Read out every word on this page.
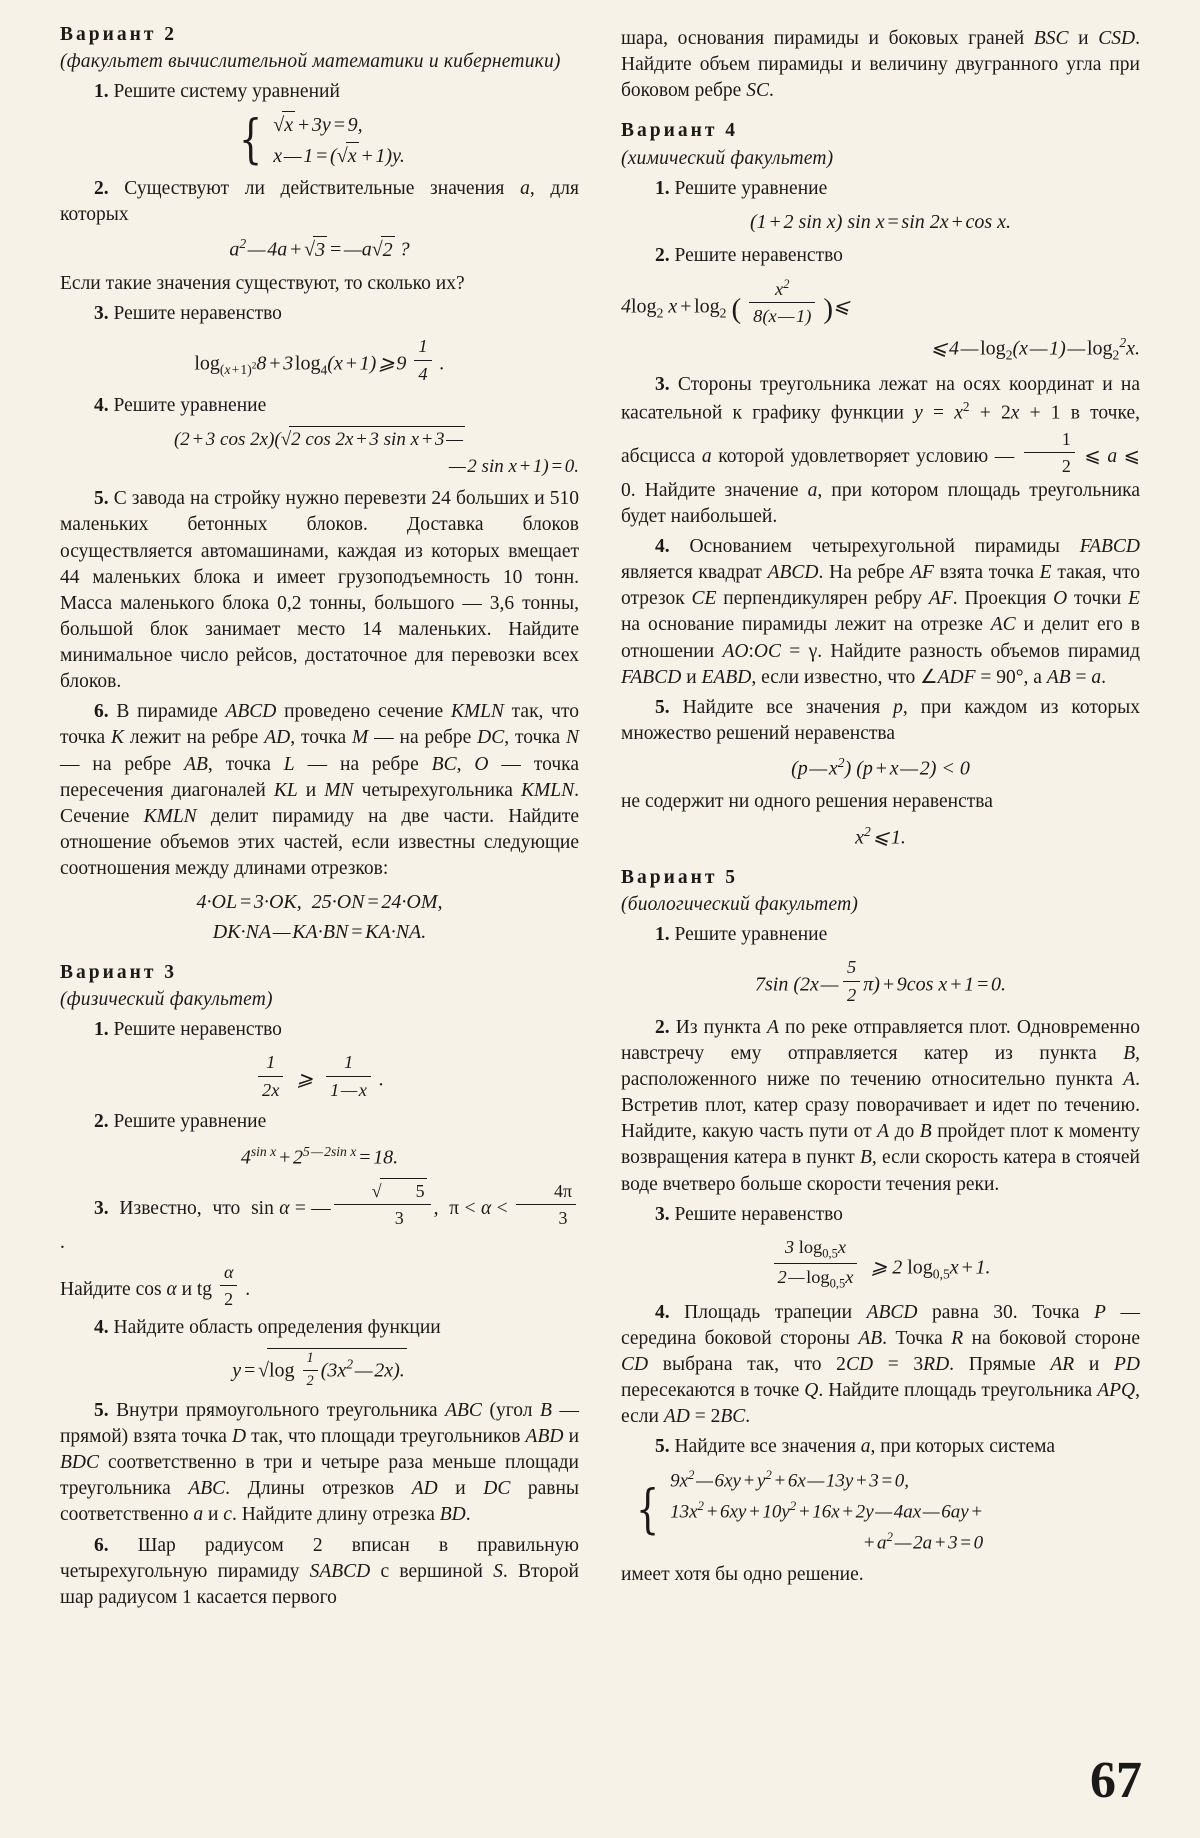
Вариант 2
(факультет вычислительной математики и кибернетики)
1. Решите систему уравнений
{ √x + 3y = 9,
x — 1 = (√x + 1)y.
2. Существуют ли действительные значения a, для которых
$a^2$ — 4a + √3 = —a√2 ?
Если такие значения существуют, то сколько их?
3. Решите неравенство
$\log_{(x + 1)^2}8$ + 3 $\log_4(x$ + 1) ⩾ $9 \frac{1}{4}$ .
4. Решите уравнение
(2 + 3 cos 2x)(√2 cos 2x + 3 sin x + 3 —
— 2 sin x + 1) = 0.
5. С завода на стройку нужно перевезти 24 больших и 510 маленьких бетонных блоков. Доставка блоков осуществляется автомашинами, каждая из которых вмещает 44 маленьких блока и имеет грузоподъемность 10 тонн. Масса маленького блока 0,2 тонны, большого — 3,6 тонны, большой блок занимает место 14 маленьких. Найдите минимальное число рейсов, достаточное для перевозки всех блоков.
6. В пирамиде ABCD проведено сечение KMLN так, что точка K лежит на ребре AD, точка M — на ребре DC, точка N — на ребре AB, точка L — на ребре BC, O — точка пересечения диагоналей KL и MN четырехугольника KMLN. Сечение KMLN делит пирамиду на две части. Найдите отношение объемов этих частей, если известны следующие соотношения между длинами отрезков:
4·OL = 3·OK,  25·ON = 24·OM,
DK·NA — KA·BN = KA·NA.
Вариант 3
(физический факультет)
1. Решите неравенство
$\frac{1}{2x}$ ⩾ $\frac{1}{1 — x}$ .
2. Решите уравнение
$4^{sin x}$ + $2^{5 — 2sin x}$ = 18.
3.  Известно,  что  sin α = — $\frac{√ 5}{3}$ ,  $\pi < \alpha < \frac{4\pi}{3}$
.
Найдите cos α и tg $\frac{\alpha}{2}$ .
4. Найдите область определения функции
y = $√\log \frac{1}{2} (3x^2$ — 2x).
5. Внутри прямоугольного треугольника ABC (угол B — прямой) взята точка D так, что площади треугольников ABD и BDC соответственно в три и четыре раза меньше площади треугольника ABC. Длины отрезков AD и DC равны соответственно a и c. Найдите длину отрезка BD.
6. Шар радиусом 2 вписан в правильную четырехугольную пирамиду SABCD с вершиной S. Второй шар радиусом 1 касается первого
шара, основания пирамиды и боковых граней BSC и CSD. Найдите объем пирамиды и величину двугранного угла при боковом ребре SC.
Вариант 4
(химический факультет)
1. Решите уравнение
(1 + 2 sin x) sin x = sin 2x + cos x.
2. Решите неравенство
$4\log_2$ x + $\log_2$ ( $\frac{x^2}{8(x — 1)}$ )⩽
⩽ 4 — $\log_2(x$ — 1) — $\log_2^2x$.
3. Стороны треугольника лежат на осях координат и на касательной к графику функции $y = x^2 + 2x + 1$ в точке, абсцисса a которой удовлетворяет условию — $\frac{1}{2}$ ⩽ a ⩽ 0. Найдите значение a, при котором площадь треугольника будет наибольшей.
4. Основанием четырехугольной пирамиды FABCD является квадрат ABCD. На ребре AF взята точка E такая, что отрезок CE перпендикулярен ребру AF. Проекция O точки E на основание пирамиды лежит на отрезке AC и делит его в отношении AO:OC = γ. Найдите разность объемов пирамид FABCD и EABD, если известно, что ∠ADF = 90°, а AB = a.
5. Найдите все значения p, при каждом из которых множество решений неравенства
(p — $x^2$) (p + x — 2) < 0
не содержит ни одного решения неравенства
$x^2$ ⩽ 1.
Вариант 5
(биологический факультет)
1. Решите уравнение
7sin (2x —  $\frac{5}{2} \pi$) + 9cos x + 1 = 0.
2. Из пункта A по реке отправляется плот. Одновременно навстречу ему отправляется катер из пункта B, расположенного ниже по течению относительно пункта A. Встретив плот, катер сразу поворачивает и идет по течению. Найдите, какую часть пути от A до B пройдет плот к моменту возвращения катера в пункт B, если скорость катера в стоячей воде вчетверо больше скорости течения реки.
3. Решите неравенство
$\frac{3 \log_{0,5}x}{2 — \log_{0,5}x}$ ⩾ 2 $\log_{0,5}x$ + 1.
4. Площадь трапеции ABCD равна 30. Точка P — середина боковой стороны AB. Точка R на боковой стороне CD выбрана так, что 2CD = 3RD. Прямые AR и PD пересекаются в точке Q. Найдите площадь треугольника APQ, если AD = 2BC.
5. Найдите все значения a, при которых система
{ $9x^2$ — 6xy + $y^2$ + 6x — 13y + 3 = 0,
$13x^2$ + 6xy + $10y^2$ + 16x + 2y — 4ax — 6ay +
+ $a^2$ — 2a + 3 = 0
имеет хотя бы одно решение.
67
